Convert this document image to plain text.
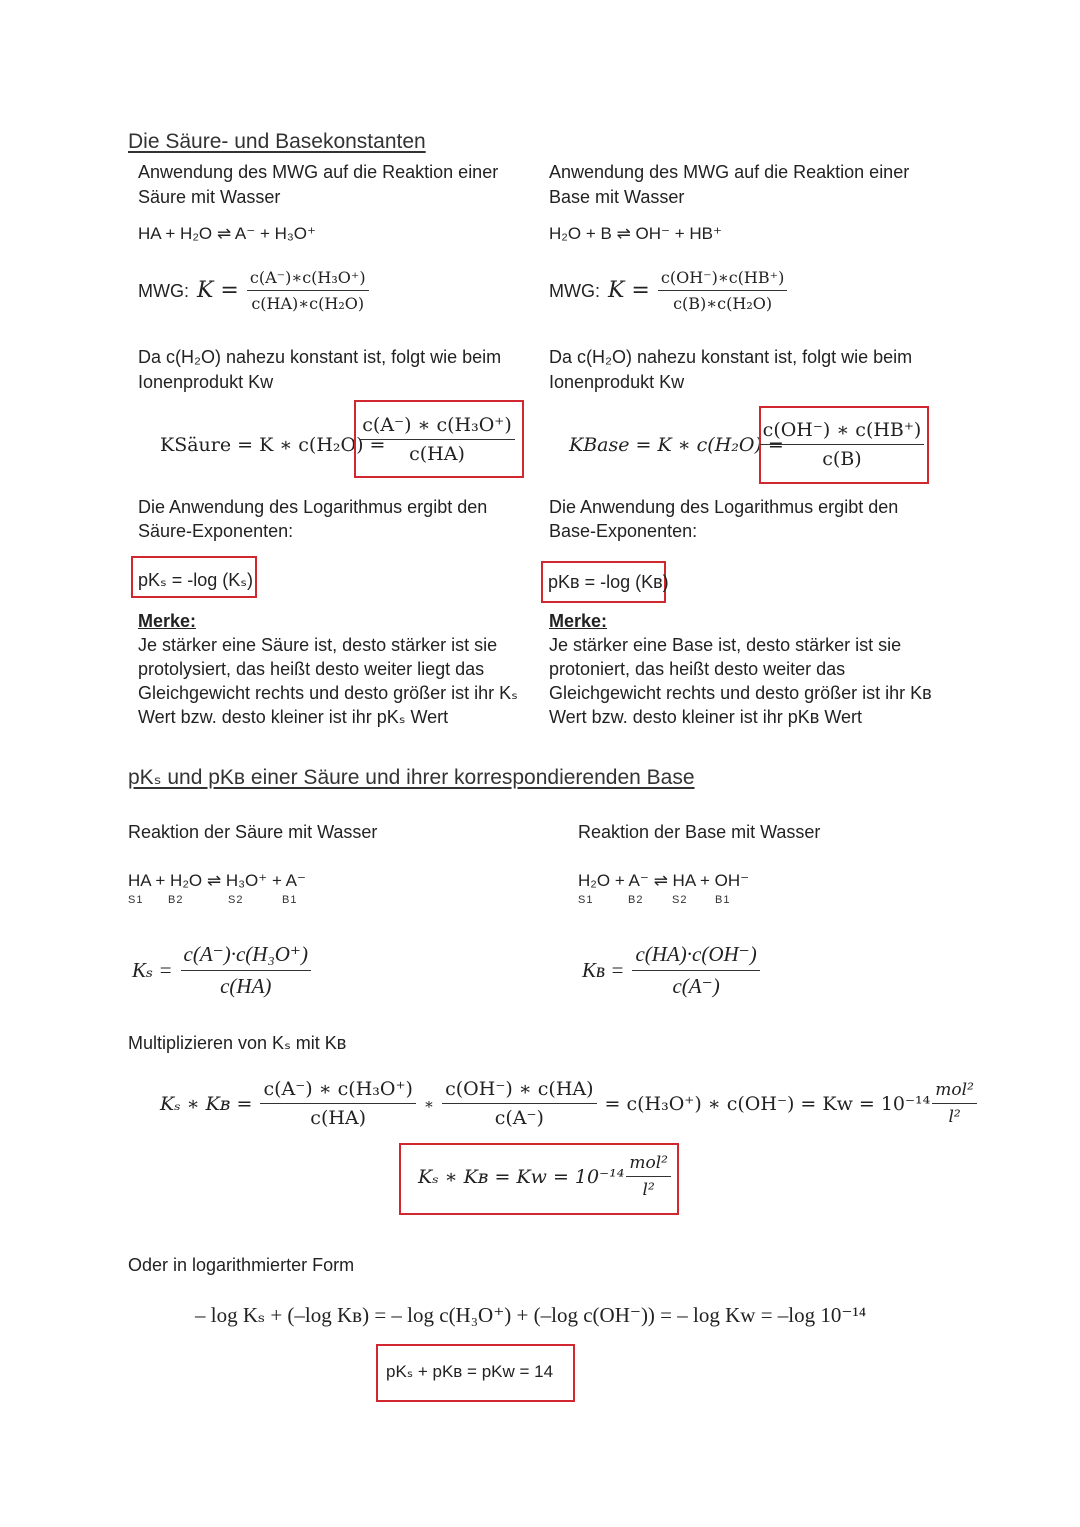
Die Säure- und Basekonstanten
Anwendung des MWG auf die Reaktion einer
Säure mit Wasser
HA + H₂O ⇌ A⁻ + H₃O⁺
MWG: $K = \frac{\text{c(A⁻)∗c(H₃O⁺)}}{\text{c(HA)∗c(H₂O)}}$
Da c(H₂O) nahezu konstant ist, folgt wie beim
Ionenprodukt Kw
KSäure = K ∗ c(H₂O) =
$\frac{\text{c(A⁻) ∗ c(H₃O⁺)}}{c(HA)}$
Die Anwendung des Logarithmus ergibt den
Säure-Exponenten:
pKₛ = -log (Kₛ)
Merke:
Je stärker eine Säure ist, desto stärker ist sie
protolysiert, das heißt desto weiter liegt das
Gleichgewicht rechts und desto größer ist ihr Kₛ
Wert bzw. desto kleiner ist ihr pKₛ Wert
Anwendung des MWG auf die Reaktion einer
Base mit Wasser
H₂O + B ⇌ OH⁻ + HB⁺
MWG: $K = \frac{c(OH^-)∗c(HB^+)}{\text{c(B)∗c(H₂O)}}$
Da c(H₂O) nahezu konstant ist, folgt wie beim
Ionenprodukt Kw
KBase = K ∗ c(H₂O) =
$\frac{c(OH^-) ∗ c(HB^+)}{c(B)}$
Die Anwendung des Logarithmus ergibt den
Base-Exponenten:
pKʙ = -log (Kʙ)
Merke:
Je stärker eine Base ist, desto stärker ist sie
protoniert, das heißt desto weiter das
Gleichgewicht rechts und desto größer ist ihr Kʙ
Wert bzw. desto kleiner ist ihr pKʙ Wert
pKₛ und pKʙ einer Säure und ihrer korrespondierenden Base
Reaktion der Säure mit Wasser	Reaktion der Base mit Wasser
HA + H₂O ⇌ H₃O⁺ + A⁻
S1 B2	S2	B1
H₂O + A⁻ ⇌ HA + OH⁻
S1	B2	S2	B1
$K_s = \frac{\text{c(A⁻)·c(H₃O⁺)}}{c(HA)}$	Kʙ = $\frac{c(HA)\cdot c(OH^-)}{c(A^-)}$
Multiplizieren von Kₛ mit Kʙ
Kₛ ∗ Kʙ = $\frac{\text{c(A⁻) ∗ c(H₃O⁺)}}{c(HA)}$ ∗ $\frac{c(OH^-) ∗ c(HA)}{c(A^-)} = c(H_3O^+)$ ∗ $c(OH^-) = Kw = 10^{-14} \frac{\text{mol²}}{\text{l²}}$
Kₛ ∗ Kʙ = $Kw = 10^{-14} \frac{\text{mol²}}{\text{l²}}$
Oder in logarithmierter Form
– log Kₛ + (–log Kʙ) = – log c(H₃O⁺) + (–log c(OH⁻)) = – log Kw = –log 10⁻¹⁴
pKₛ + pKʙ = pKw = 14
